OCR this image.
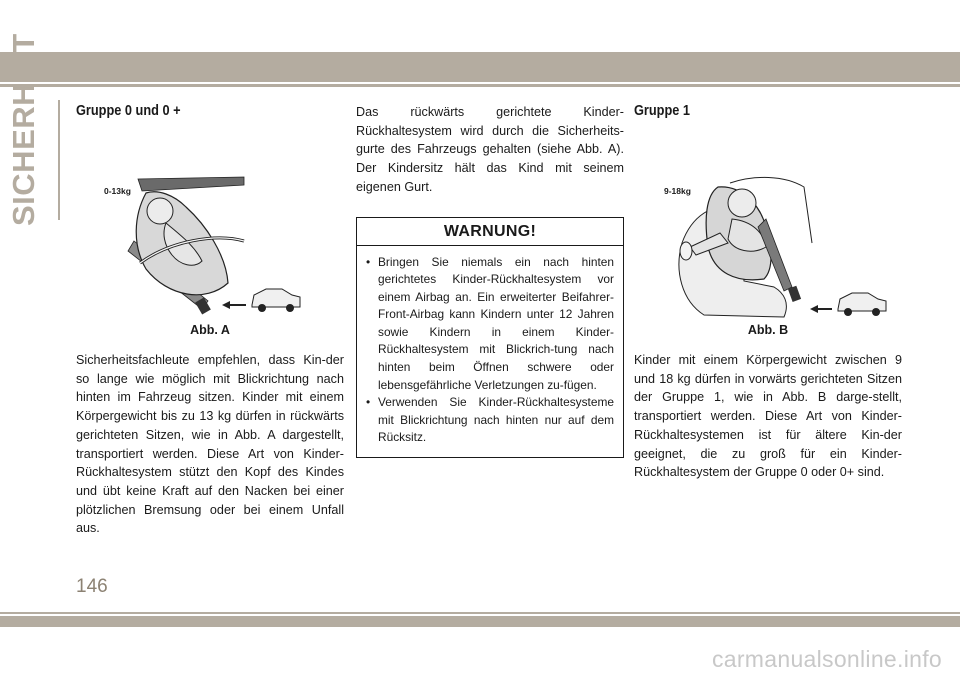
SICHERHEIT Gruppe 0 und 0 +
0-13kg

Abb. A

Sicherheitsfachleute empfehlen, dass Kin-der so lange wie möglich mit Blickrichtung nach hinten im Fahrzeug sitzen. Kinder mit einem Körpergewicht bis zu 13 kg dürfen in rückwärts gerichteten Sitzen, wie in Abb. A dargestellt, transportiert werden. Diese Art von Kinder-Rückhaltesystem stützt den Kopf des Kindes und übt keine Kraft auf den Nacken bei einer plötzlichen Bremsung oder bei einem Unfall aus.

Das rückwärts gerichtete Kinder-Rückhaltesystem wird durch die Sicherheits-gurte des Fahrzeugs gehalten (siehe Abb. A). Der Kindersitz hält das Kind mit seinem eigenen Gurt.

WARNUNG!
• Bringen Sie niemals ein nach hinten gerichtetes Kinder-Rückhaltesystem vor einem Airbag an. Ein erweiterter Beifahrer-Front-Airbag kann Kindern unter 12 Jahren sowie Kindern in einem Kinder-Rückhaltesystem mit Blickrich-tung nach hinten beim Öffnen schwere oder lebensgefährliche Verletzungen zu-fügen.
• Verwenden Sie Kinder-Rückhaltesysteme mit Blickrichtung nach hinten nur auf dem Rücksitz.
Gruppe 1
9-18kg

Abb. B

Kinder mit einem Körpergewicht zwischen 9 und 18 kg dürfen in vorwärts gerichteten Sitzen der Gruppe 1, wie in Abb. B darge-stellt, transportiert werden. Diese Art von Kinder-Rückhaltesystemen ist für ältere Kin-der geeignet, die zu groß für ein Kinder-Rückhaltesystem der Gruppe 0 oder 0+ sind.

146
carmanualsonline.info
